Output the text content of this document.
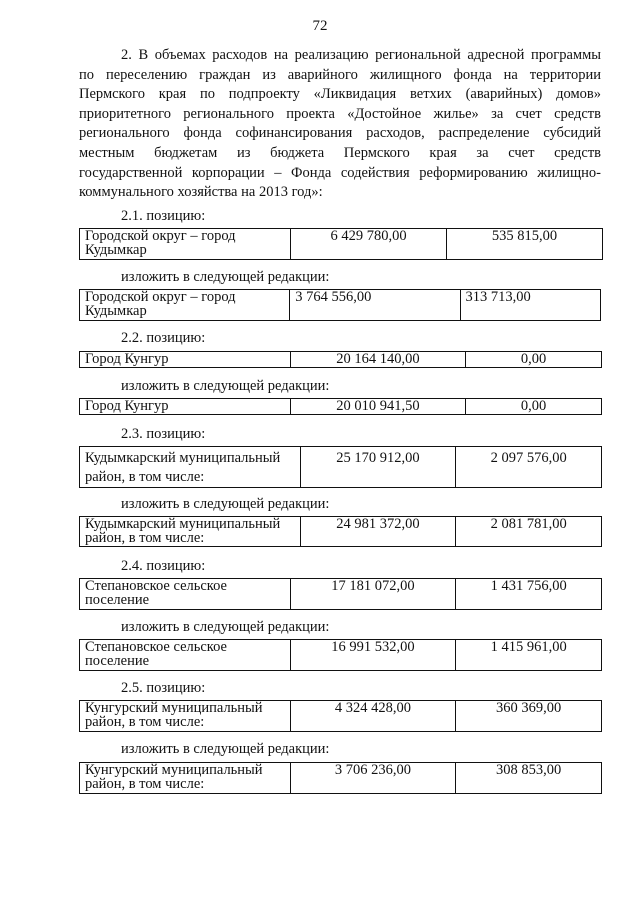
72
2. В объемах расходов на реализацию региональной адресной программы
по переселению граждан из аварийного жилищного фонда на территории
Пермского края по подпроекту «Ликвидация ветхих (аварийных) домов»
приоритетного регионального проекта «Достойное жилье» за счет средств
регионального фонда софинансирования расходов, распределение субсидий
местным бюджетам из бюджета Пермского края за счет средств
государственной корпорации – Фонда содействия реформированию жилищно-
коммунального хозяйства на 2013 год»:
2.1. позицию:
Городской округ – город Кудымкар	6 429 780,00	535 815,00
изложить в следующей редакции:
Городской округ – город Кудымкар	3 764 556,00	313 713,00
2.2. позицию:
Город Кунгур	20 164 140,00	0,00
изложить в следующей редакции:
Город Кунгур	20 010 941,50	0,00
2.3. позицию:
Кудымкарский муниципальный район, в том числе:	25 170 912,00	2 097 576,00
изложить в следующей редакции:
Кудымкарский муниципальный район, в том числе:	24 981 372,00	2 081 781,00
2.4. позицию:
Степановское сельское поселение	17 181 072,00	1 431 756,00
изложить в следующей редакции:
Степановское сельское поселение	16 991 532,00	1 415 961,00
2.5. позицию:
Кунгурский муниципальный район, в том числе:	4 324 428,00	360 369,00
изложить в следующей редакции:
Кунгурский муниципальный район, в том числе:	3 706 236,00	308 853,00
